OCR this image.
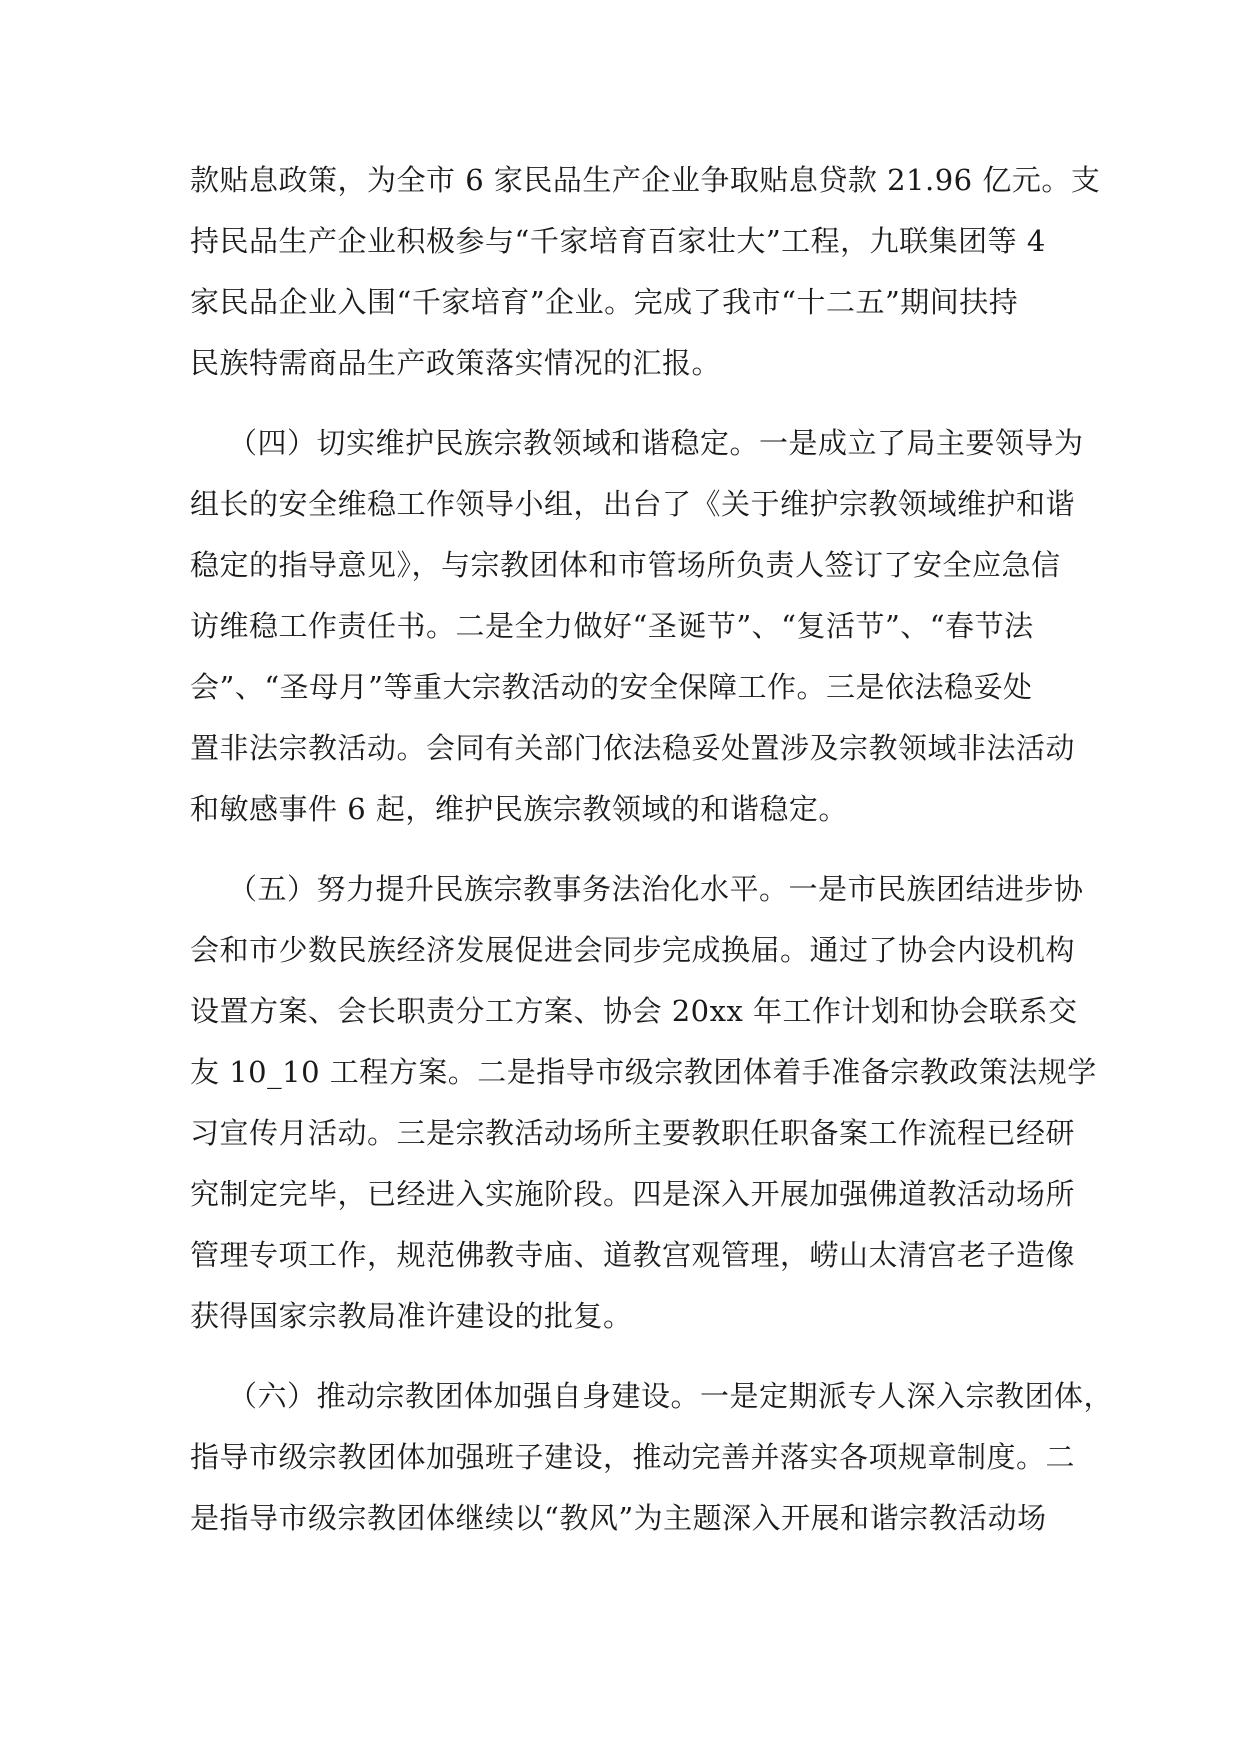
款贴息政策，为全市 6 家民品生产企业争取贴息贷款 21.96 亿元。支
持民品生产企业积极参与“千家培育百家壮大”工程，九联集团等 4
家民品企业入围“千家培育”企业。完成了我市“十二五”期间扶持
民族特需商品生产政策落实情况的汇报。
（四）切实维护民族宗教领域和谐稳定。一是成立了局主要领导为
组长的安全维稳工作领导小组，出台了《关于维护宗教领域维护和谐
稳定的指导意见》，与宗教团体和市管场所负责人签订了安全应急信
访维稳工作责任书。二是全力做好“圣诞节”、“复活节”、“春节法
会”、“圣母月”等重大宗教活动的安全保障工作。三是依法稳妥处
置非法宗教活动。会同有关部门依法稳妥处置涉及宗教领域非法活动
和敏感事件 6 起，维护民族宗教领域的和谐稳定。
（五）努力提升民族宗教事务法治化水平。一是市民族团结进步协
会和市少数民族经济发展促进会同步完成换届。通过了协会内设机构
设置方案、会长职责分工方案、协会 20xx 年工作计划和协会联系交
友 10_10 工程方案。二是指导市级宗教团体着手准备宗教政策法规学
习宣传月活动。三是宗教活动场所主要教职任职备案工作流程已经研
究制定完毕，已经进入实施阶段。四是深入开展加强佛道教活动场所
管理专项工作，规范佛教寺庙、道教宫观管理，崂山太清宫老子造像
获得国家宗教局准许建设的批复。
（六）推动宗教团体加强自身建设。一是定期派专人深入宗教团体，
指导市级宗教团体加强班子建设，推动完善并落实各项规章制度。二
是指导市级宗教团体继续以“教风”为主题深入开展和谐宗教活动场
